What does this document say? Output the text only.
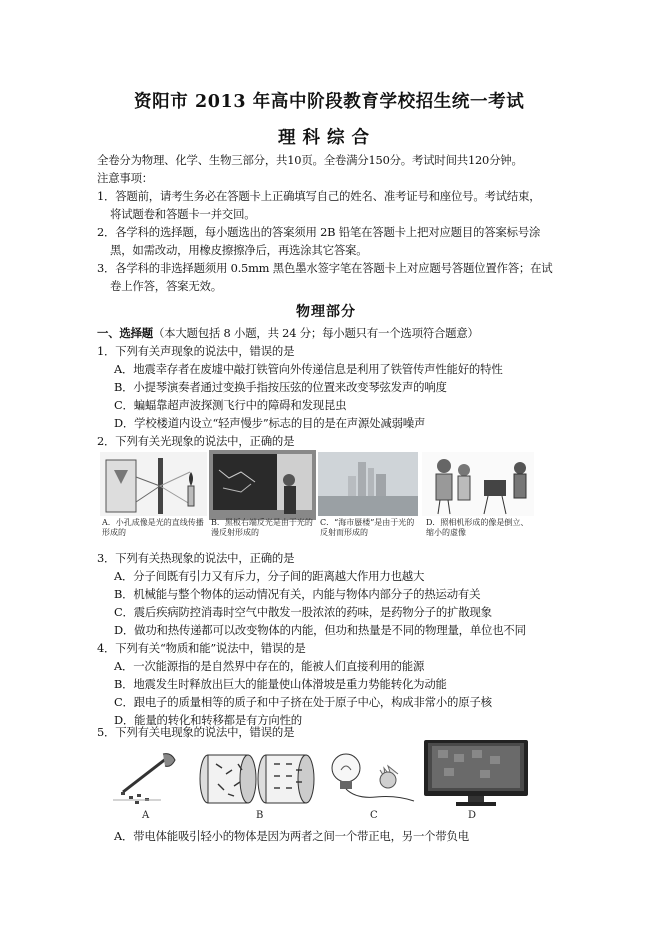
资阳市 2013 年高中阶段教育学校招生统一考试
理科综合
全卷分为物理、化学、生物三部分，共10页。全卷满分150分。考试时间共120分钟。
注意事项：
1．答题前，请考生务必在答题卡上正确填写自己的姓名、准考证号和座位号。考试结束，
将试题卷和答题卡一并交回。
2．各学科的选择题，每小题选出的答案须用 2B 铅笔在答题卡上把对应题目的答案标号涂
黑，如需改动，用橡皮擦擦净后，再选涂其它答案。
3．各学科的非选择题须用 0.5mm 黑色墨水签字笔在答题卡上对应题号答题位置作答；在试
卷上作答，答案无效。
物理部分
一、选择题（本大题包括 8 小题，共 24 分；每小题只有一个选项符合题意）
1．下列有关声现象的说法中，错误的是
A．地震幸存者在废墟中敲打铁管向外传递信息是利用了铁管传声性能好的特性
B．小提琴演奏者通过变换手指按压弦的位置来改变琴弦发声的响度
C．蝙蝠靠超声波探测飞行中的障碍和发现昆虫
D．学校楼道内设立“轻声慢步”标志的目的是在声源处减弱噪声
2．下列有关光现象的说法中，正确的是
A．小孔成像是光的直线传播形成的
B．黑板右端反光是由于光的漫反射形成的
C．“海市蜃楼”是由于光的反射而形成的
D．照相机形成的像是倒立、缩小的虚像
3．下列有关热现象的说法中，正确的是
A．分子间既有引力又有斥力，分子间的距离越大作用力也越大
B．机械能与整个物体的运动情况有关，内能与物体内部分子的热运动有关
C．震后疾病防控消毒时空气中散发一股浓浓的药味，是药物分子的扩散现象
D．做功和热传递都可以改变物体的内能，但功和热量是不同的物理量，单位也不同
4．下列有关“物质和能”说法中，错误的是
A．一次能源指的是自然界中存在的，能被人们直接利用的能源
B．地震发生时释放出巨大的能量使山体滑坡是重力势能转化为动能
C．跟电子的质量相等的质子和中子挤在处于原子中心，构成非常小的原子核
D．能量的转化和转移都是有方向性的
5．下列有关电现象的说法中，错误的是
A	B	C	D
A．带电体能吸引轻小的物体是因为两者之间一个带正电，另一个带负电
